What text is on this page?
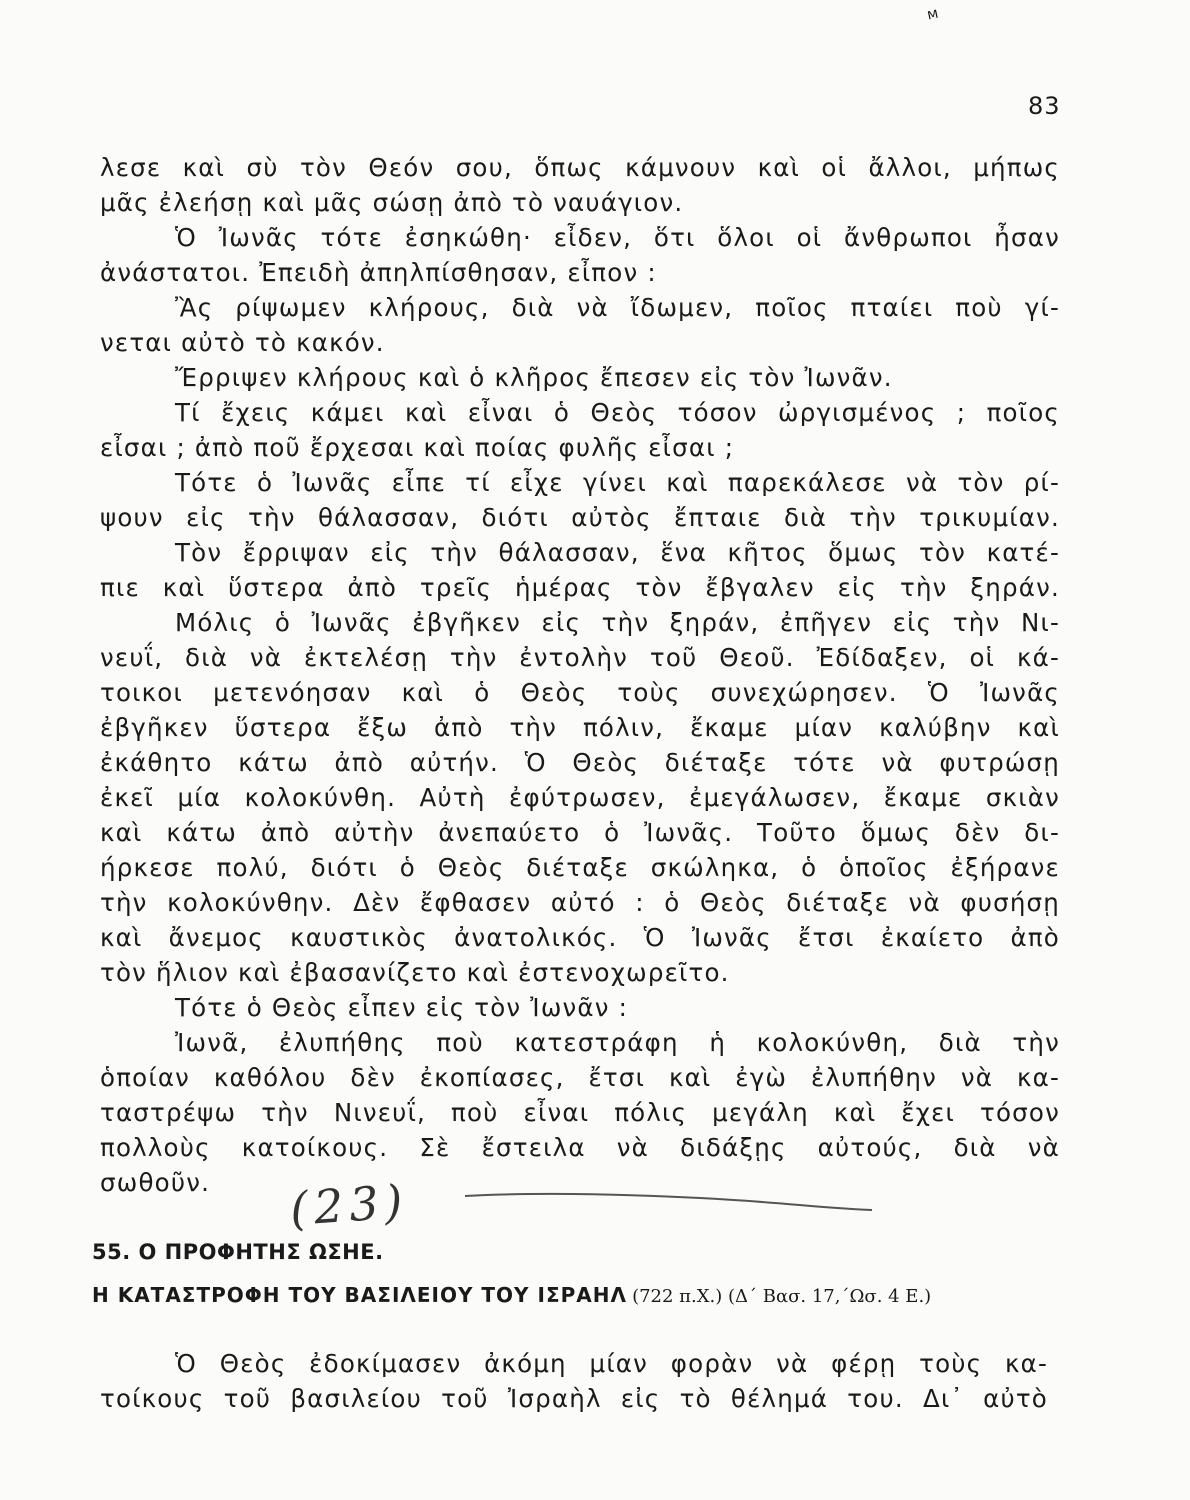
ᴹ
83
λεσε καὶ σὺ τὸν Θεόν σου, ὅπως κάμνουν καὶ οἱ ἄλλοι, μήπως
μᾶς ἐλεήσῃ καὶ μᾶς σώσῃ ἀπὸ τὸ ναυάγιον.
Ὁ Ἰωνᾶς τότε ἐσηκώθη· εἶδεν, ὅτι ὅλοι οἱ ἄνθρωποι ἦσαν
ἀνάστατοι. Ἐπειδὴ ἀπηλπίσθησαν, εἶπον :
Ἂς ρίψωμεν κλήρους, διὰ νὰ ἴδωμεν, ποῖος πταίει ποὺ γί-
νεται αὐτὸ τὸ κακόν.
Ἔρριψεν κλήρους καὶ ὁ κλῆρος ἔπεσεν εἰς τὸν Ἰωνᾶν.
Τί ἔχεις κάμει καὶ εἶναι ὁ Θεὸς τόσον ὠργισμένος ; ποῖος
εἶσαι ; ἀπὸ ποῦ ἔρχεσαι καὶ ποίας φυλῆς εἶσαι ;
Τότε ὁ Ἰωνᾶς εἶπε τί εἶχε γίνει καὶ παρεκάλεσε νὰ τὸν ρί-
ψουν εἰς τὴν θάλασσαν, διότι αὐτὸς ἔπταιε διὰ τὴν τρικυμίαν.
Τὸν ἔρριψαν εἰς τὴν θάλασσαν, ἕνα κῆτος ὅμως τὸν κατέ-
πιε καὶ ὕστερα ἀπὸ τρεῖς ἡμέρας τὸν ἔβγαλεν εἰς τὴν ξηράν.
Μόλις ὁ Ἰωνᾶς ἐβγῆκεν εἰς τὴν ξηράν, ἐπῆγεν εἰς τὴν Νι-
νευΐ, διὰ νὰ ἐκτελέσῃ τὴν ἐντολὴν τοῦ Θεοῦ. Ἐδίδαξεν, οἱ κά-
τοικοι μετενόησαν καὶ ὁ Θεὸς τοὺς συνεχώρησεν. Ὁ Ἰωνᾶς
ἐβγῆκεν ὕστερα ἔξω ἀπὸ τὴν πόλιν, ἔκαμε μίαν καλύβην καὶ
ἐκάθητο κάτω ἀπὸ αὐτήν. Ὁ Θεὸς διέταξε τότε νὰ φυτρώσῃ
ἐκεῖ μία κολοκύνθη. Αὐτὴ ἐφύτρωσεν, ἐμεγάλωσεν, ἔκαμε σκιὰν
καὶ κάτω ἀπὸ αὐτὴν ἀνεπαύετο ὁ Ἰωνᾶς. Τοῦτο ὅμως δὲν δι-
ήρκεσε πολύ, διότι ὁ Θεὸς διέταξε σκώληκα, ὁ ὁποῖος ἐξήρανε
τὴν κολοκύνθην. Δὲν ἔφθασεν αὐτό : ὁ Θεὸς διέταξε νὰ φυσήσῃ
καὶ ἄνεμος καυστικὸς ἀνατολικός. Ὁ Ἰωνᾶς ἔτσι ἐκαίετο ἀπὸ
τὸν ἥλιον καὶ ἐβασανίζετο καὶ ἐστενοχωρεῖτο.
Τότε ὁ Θεὸς εἶπεν εἰς τὸν Ἰωνᾶν :
Ἰωνᾶ, ἐλυπήθης ποὺ κατεστράφη ἡ κολοκύνθη, διὰ τὴν
ὁποίαν καθόλου δὲν ἐκοπίασες, ἔτσι καὶ ἐγὼ ἐλυπήθην νὰ κα-
ταστρέψω τὴν Νινευΐ, ποὺ εἶναι πόλις μεγάλη καὶ ἔχει τόσον
πολλοὺς κατοίκους. Σὲ ἔστειλα νὰ διδάξῃς αὐτούς, διὰ νὰ
σωθοῦν.	(23)
55. Ο ΠΡΟΦΗΤΗΣ ΩΣΗΕ.
Η ΚΑΤΑΣΤΡΟΦΗ ΤΟΥ ΒΑΣΙΛΕΙΟΥ ΤΟΥ ΙΣΡΑΗΛ (722 π.Χ.) (Δ΄ Βασ. 17,΄Ωσ. 4 Ε.)
Ὁ Θεὸς ἐδοκίμασεν ἀκόμη μίαν φορὰν νὰ φέρῃ τοὺς κα-
τοίκους τοῦ βασιλείου τοῦ Ἰσραὴλ εἰς τὸ θέλημά του. Δι᾽ αὐτὸ
